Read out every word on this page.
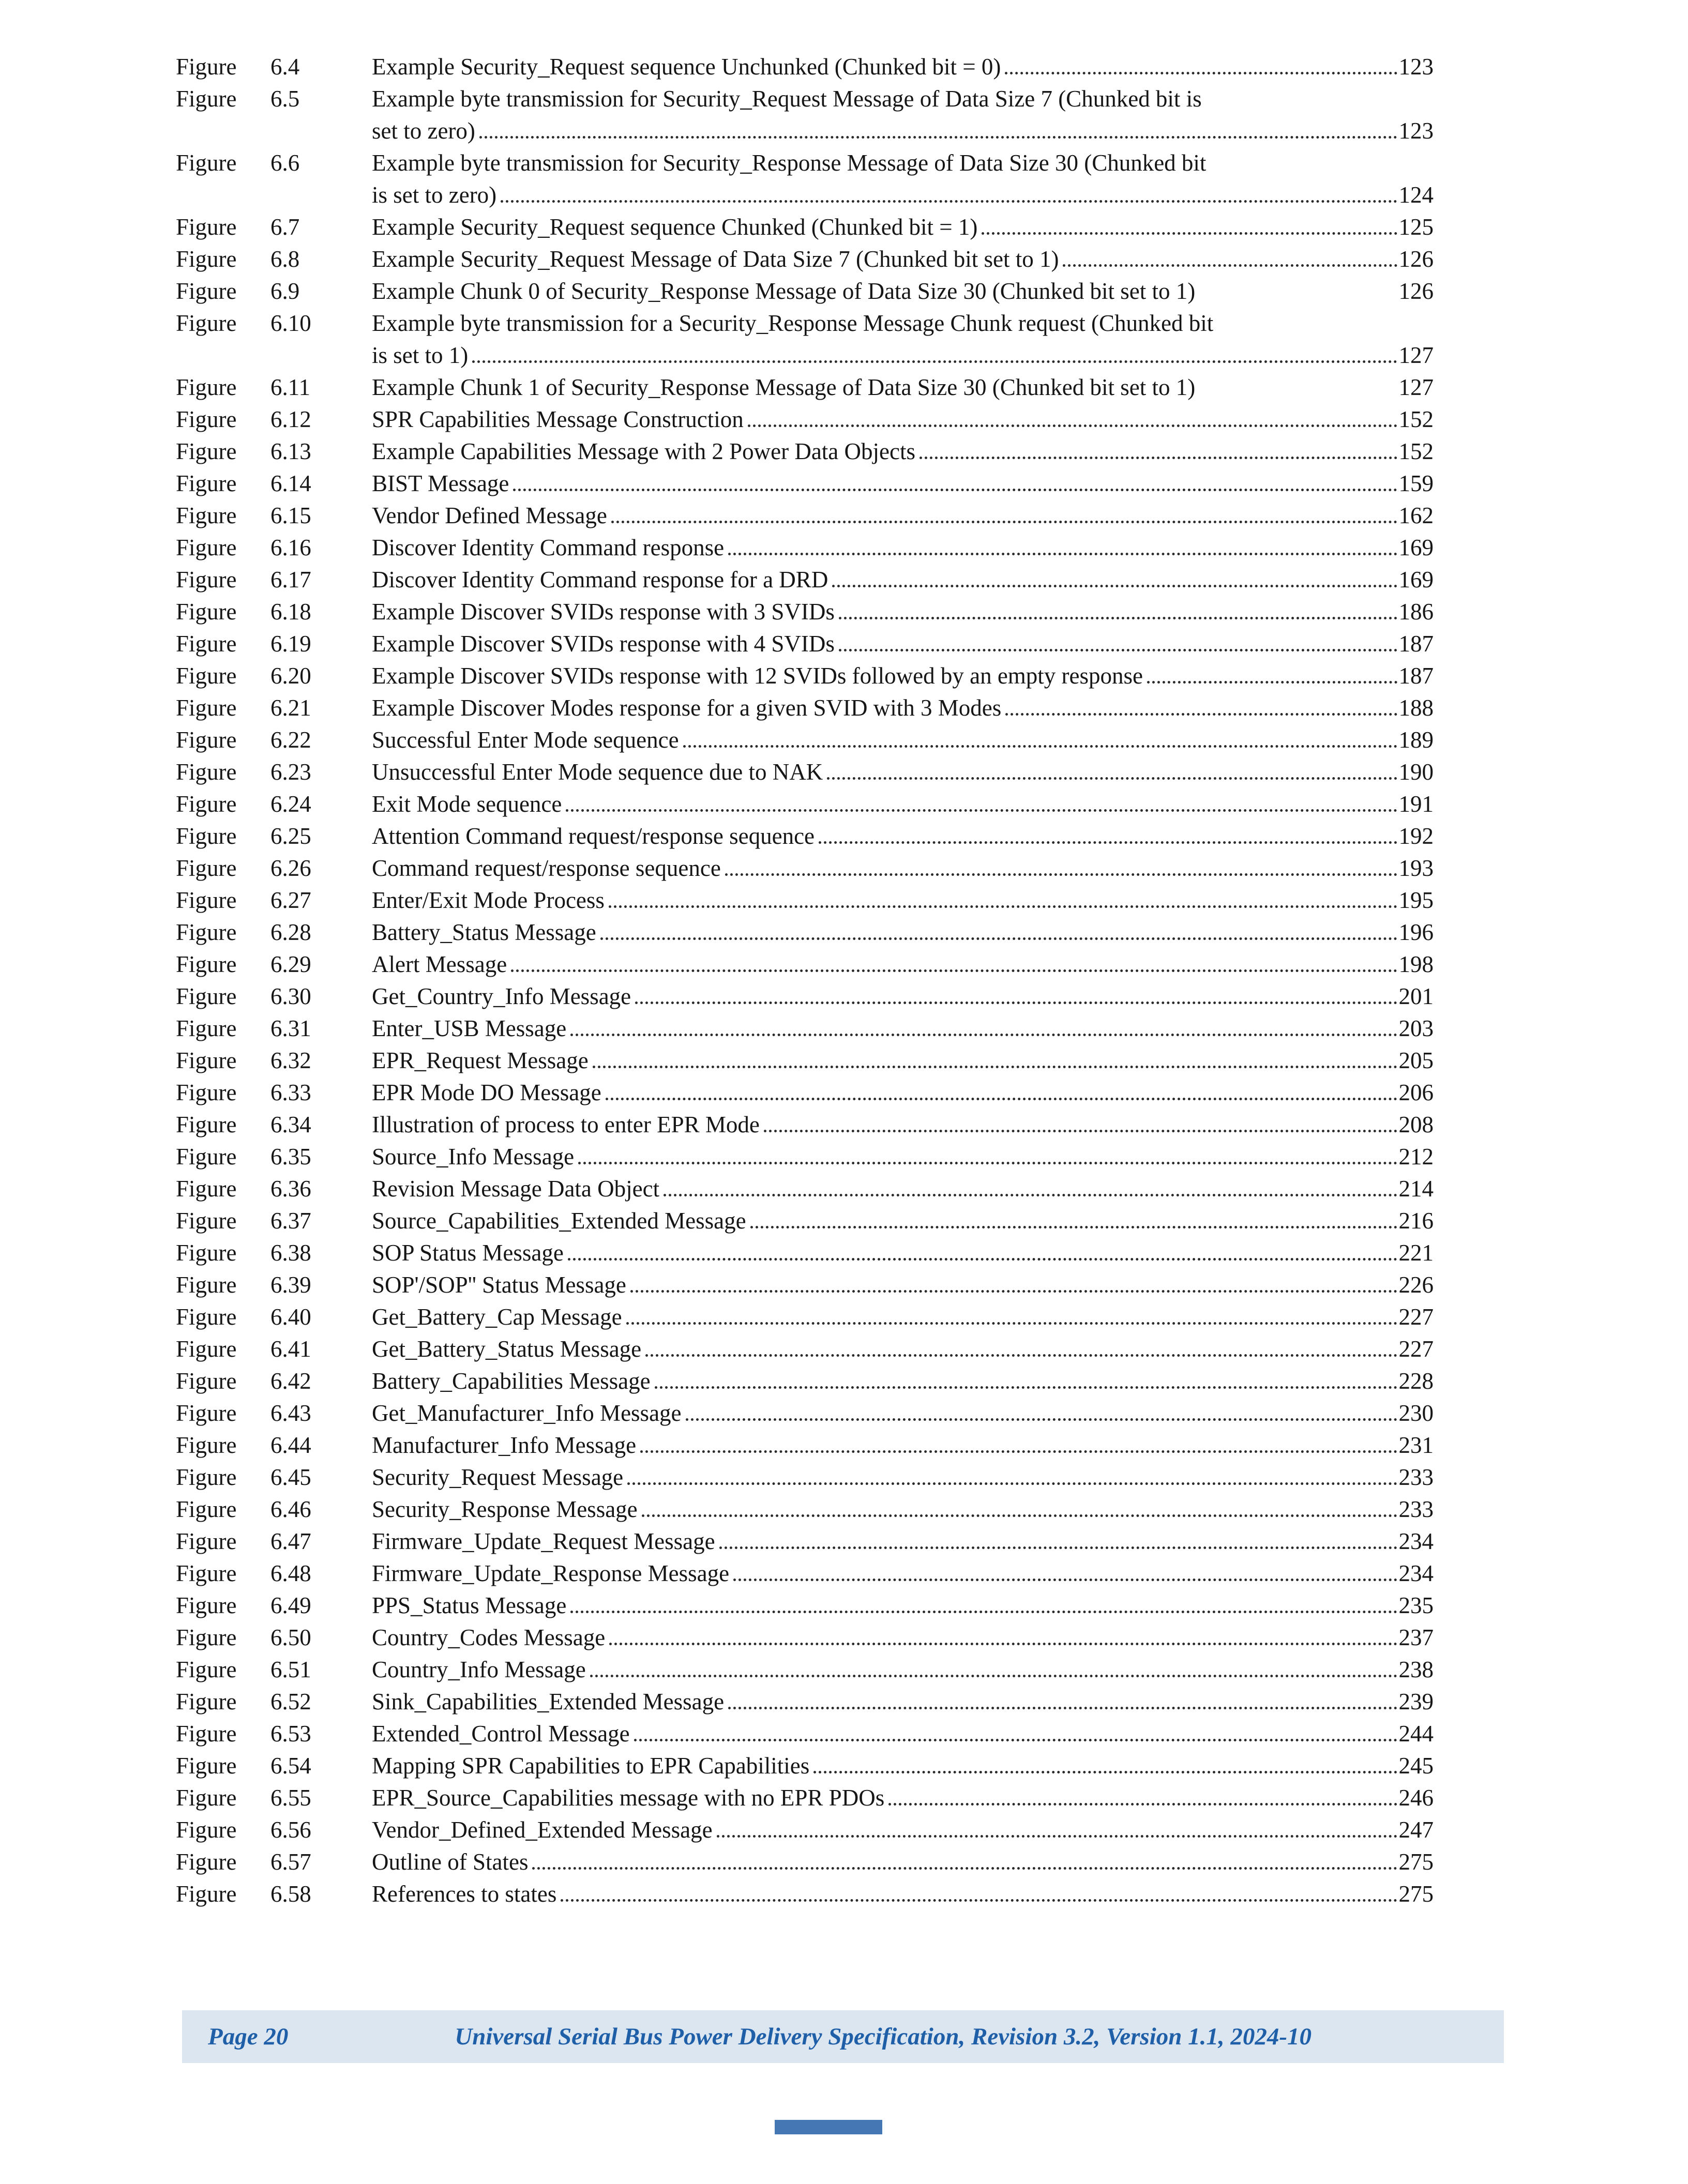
Figure	6.4	Example Security_Request sequence Unchunked (Chunked bit = 0)	123
Figure	6.5	Example byte transmission for Security_Request Message of Data Size 7 (Chunked bit is
set to zero)	123
Figure	6.6	Example byte transmission for Security_Response Message of Data Size 30 (Chunked bit
is set to zero)	124
Figure	6.7	Example Security_Request sequence Chunked (Chunked bit = 1)	125
Figure	6.8	Example Security_Request Message of Data Size 7 (Chunked bit set to 1)	126
Figure	6.9	Example Chunk 0 of Security_Response Message of Data Size 30 (Chunked bit set to 1)	126
Figure	6.10	Example byte transmission for a Security_Response Message Chunk request (Chunked bit
is set to 1)	127
Figure	6.11	Example Chunk 1 of Security_Response Message of Data Size 30 (Chunked bit set to 1)	127
Figure	6.12	SPR Capabilities Message Construction	152
Figure	6.13	Example Capabilities Message with 2 Power Data Objects	152
Figure	6.14	BIST Message	159
Figure	6.15	Vendor Defined Message	162
Figure	6.16	Discover Identity Command response	169
Figure	6.17	Discover Identity Command response for a DRD	169
Figure	6.18	Example Discover SVIDs response with 3 SVIDs	186
Figure	6.19	Example Discover SVIDs response with 4 SVIDs	187
Figure	6.20	Example Discover SVIDs response with 12 SVIDs followed by an empty response	187
Figure	6.21	Example Discover Modes response for a given SVID with 3 Modes	188
Figure	6.22	Successful Enter Mode sequence	189
Figure	6.23	Unsuccessful Enter Mode sequence due to NAK	190
Figure	6.24	Exit Mode sequence	191
Figure	6.25	Attention Command request/response sequence	192
Figure	6.26	Command request/response sequence	193
Figure	6.27	Enter/Exit Mode Process	195
Figure	6.28	Battery_Status Message	196
Figure	6.29	Alert Message	198
Figure	6.30	Get_Country_Info Message	201
Figure	6.31	Enter_USB Message	203
Figure	6.32	EPR_Request Message	205
Figure	6.33	EPR Mode DO Message	206
Figure	6.34	Illustration of process to enter EPR Mode	208
Figure	6.35	Source_Info Message	212
Figure	6.36	Revision Message Data Object	214
Figure	6.37	Source_Capabilities_Extended Message	216
Figure	6.38	SOP Status Message	221
Figure	6.39	SOP'/SOP'' Status Message	226
Figure	6.40	Get_Battery_Cap Message	227
Figure	6.41	Get_Battery_Status Message	227
Figure	6.42	Battery_Capabilities Message	228
Figure	6.43	Get_Manufacturer_Info Message	230
Figure	6.44	Manufacturer_Info Message	231
Figure	6.45	Security_Request Message	233
Figure	6.46	Security_Response Message	233
Figure	6.47	Firmware_Update_Request Message	234
Figure	6.48	Firmware_Update_Response Message	234
Figure	6.49	PPS_Status Message	235
Figure	6.50	Country_Codes Message	237
Figure	6.51	Country_Info Message	238
Figure	6.52	Sink_Capabilities_Extended Message	239
Figure	6.53	Extended_Control Message	244
Figure	6.54	Mapping SPR Capabilities to EPR Capabilities	245
Figure	6.55	EPR_Source_Capabilities message with no EPR PDOs	246
Figure	6.56	Vendor_Defined_Extended Message	247
Figure	6.57	Outline of States	275
Figure	6.58	References to states	275
Page 20	Universal Serial Bus Power Delivery Specification, Revision 3.2, Version 1.1, 2024-10
